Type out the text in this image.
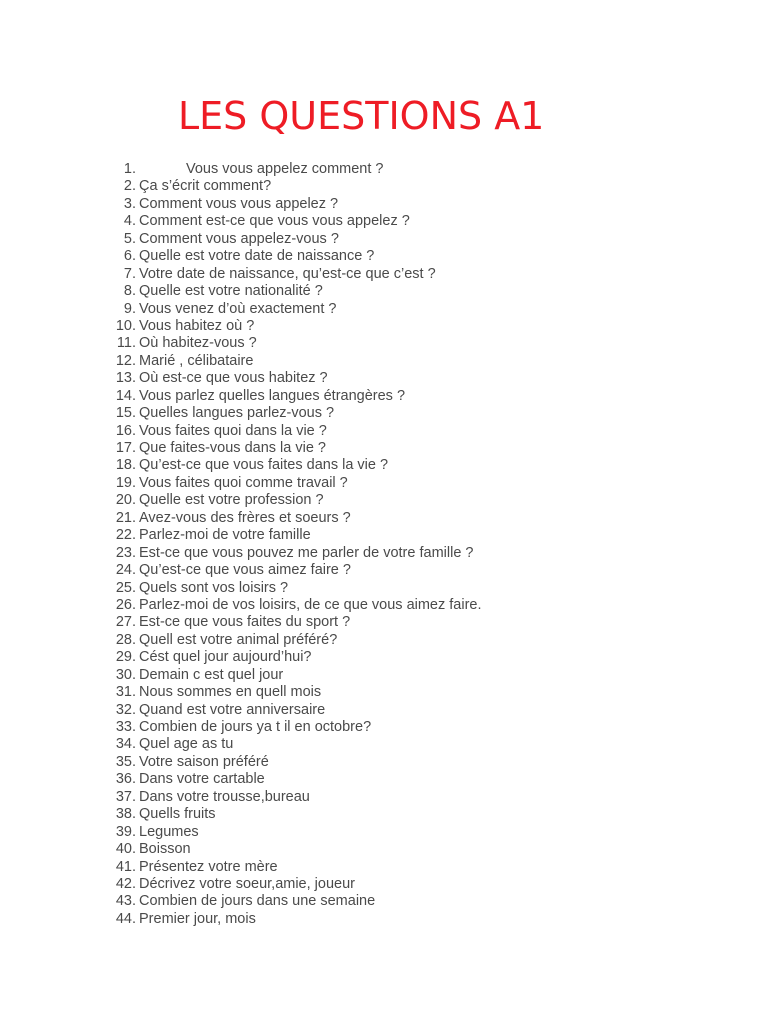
LES QUESTIONS A1
1.	Vous vous appelez comment ?
2. Ça s’écrit comment?
3. Comment vous vous appelez ?
4. Comment est-ce que vous vous appelez ?
5. Comment vous appelez-vous ?
6. Quelle est votre date de naissance ?
7. Votre date de naissance, qu’est-ce que c’est ?
8. Quelle est votre nationalité ?
9. Vous venez d’où exactement ?
10. Vous habitez où ?
11. Où habitez-vous ?
12. Marié , célibataire
13. Où est-ce que vous habitez ?
14. Vous parlez quelles langues étrangères ?
15. Quelles langues parlez-vous ?
16. Vous faites quoi dans la vie ?
17. Que faites-vous dans la vie ?
18. Qu’est-ce que vous faites dans la vie ?
19. Vous faites quoi comme travail ?
20. Quelle est votre profession ?
21. Avez-vous des frères et soeurs ?
22. Parlez-moi de votre famille
23. Est-ce que vous pouvez me parler de votre famille ?
24. Qu’est-ce que vous aimez faire ?
25. Quels sont vos loisirs ?
26. Parlez-moi de vos loisirs, de ce que vous aimez faire.
27. Est-ce que vous faites du sport ?
28. Quell est votre animal préféré?
29. Cést quel jour aujourd’hui?
30. Demain c est quel jour
31. Nous sommes en quell mois
32. Quand est votre anniversaire
33. Combien de jours ya t il en octobre?
34. Quel age as tu
35. Votre saison préféré
36. Dans votre cartable
37. Dans votre trousse,bureau
38. Quells fruits
39. Legumes
40. Boisson
41. Présentez votre mère
42. Décrivez votre soeur,amie, joueur
43. Combien de jours dans une semaine
44. Premier jour, mois
